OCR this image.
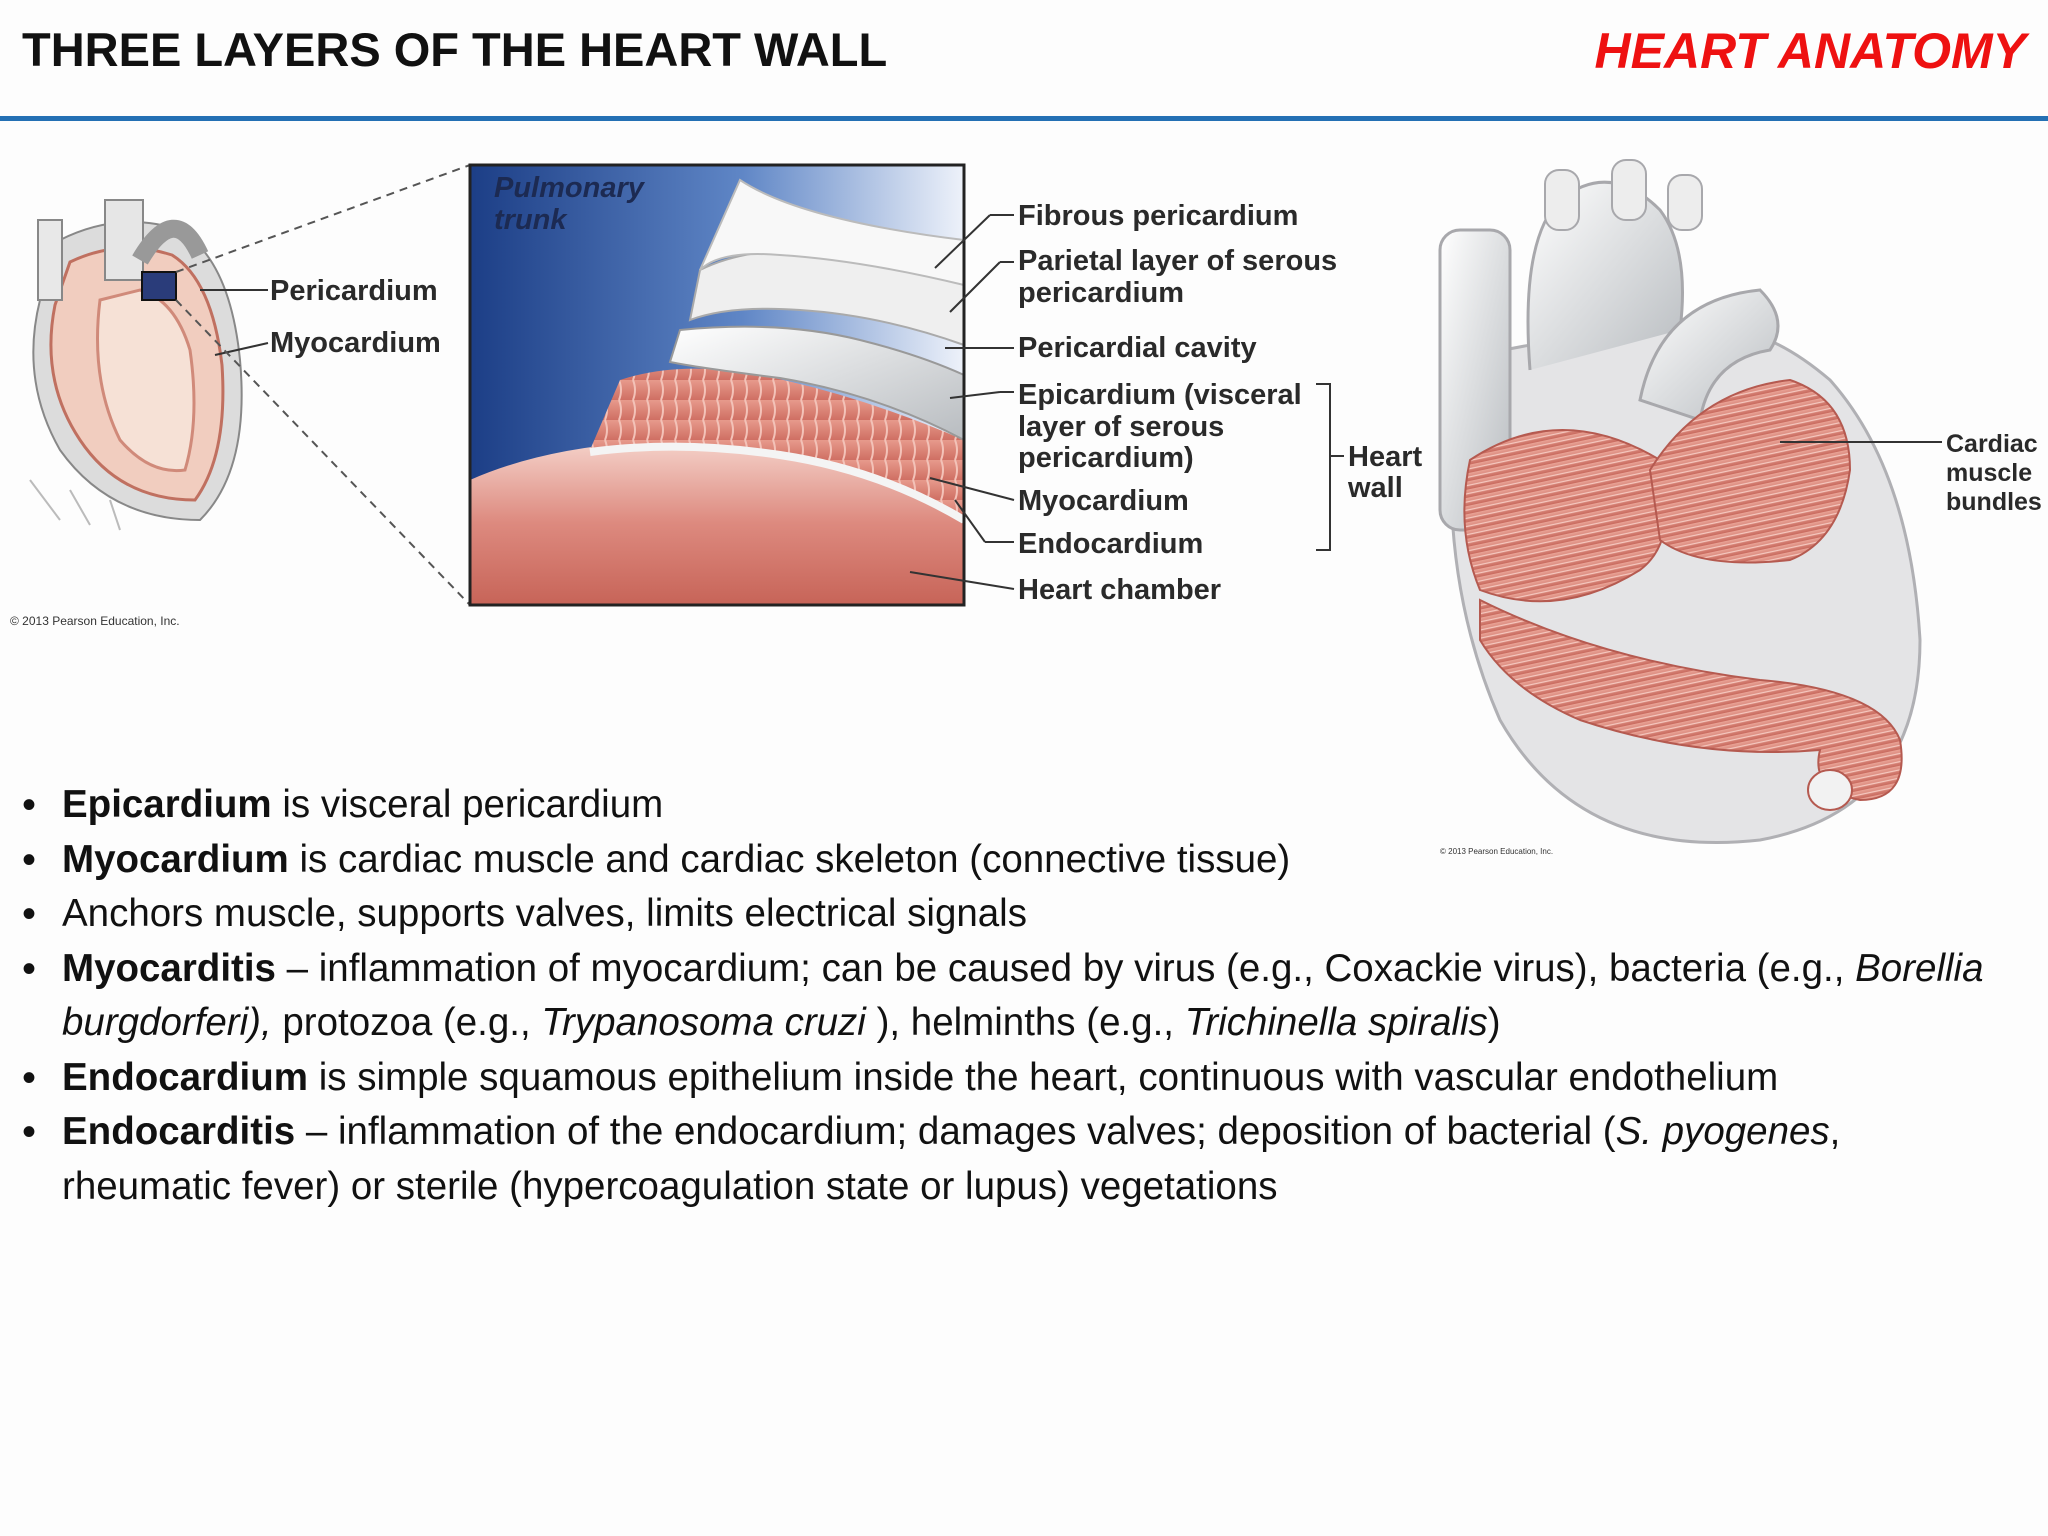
THREE LAYERS OF THE HEART WALL	HEART ANATOMY
Pericardium
Myocardium
© 2013 Pearson Education, Inc.
Pulmonary
trunk	Fibrous pericardium
Parietal layer of serous
pericardium
Pericardial cavity
Epicardium (visceral
layer of serous
pericardium)
Myocardium
Endocardium
Heart chamber
Heart
wall
Cardiac
muscle
bundles
© 2013 Pearson Education, Inc.
• Epicardium is visceral pericardium
• Myocardium is cardiac muscle and cardiac skeleton (connective tissue)
• Anchors muscle, supports valves, limits electrical signals
• Myocarditis – inflammation of myocardium; can be caused by virus (e.g., Coxackie virus), bacteria (e.g., Borellia burgdorferi), protozoa (e.g., Trypanosoma cruzi ), helminths (e.g., Trichinella spiralis)
• Endocardium is simple squamous epithelium inside the heart, continuous with vascular endothelium
• Endocarditis – inflammation of the endocardium; damages valves; deposition of bacterial (S. pyogenes, rheumatic fever) or sterile (hypercoagulation state or lupus) vegetations
